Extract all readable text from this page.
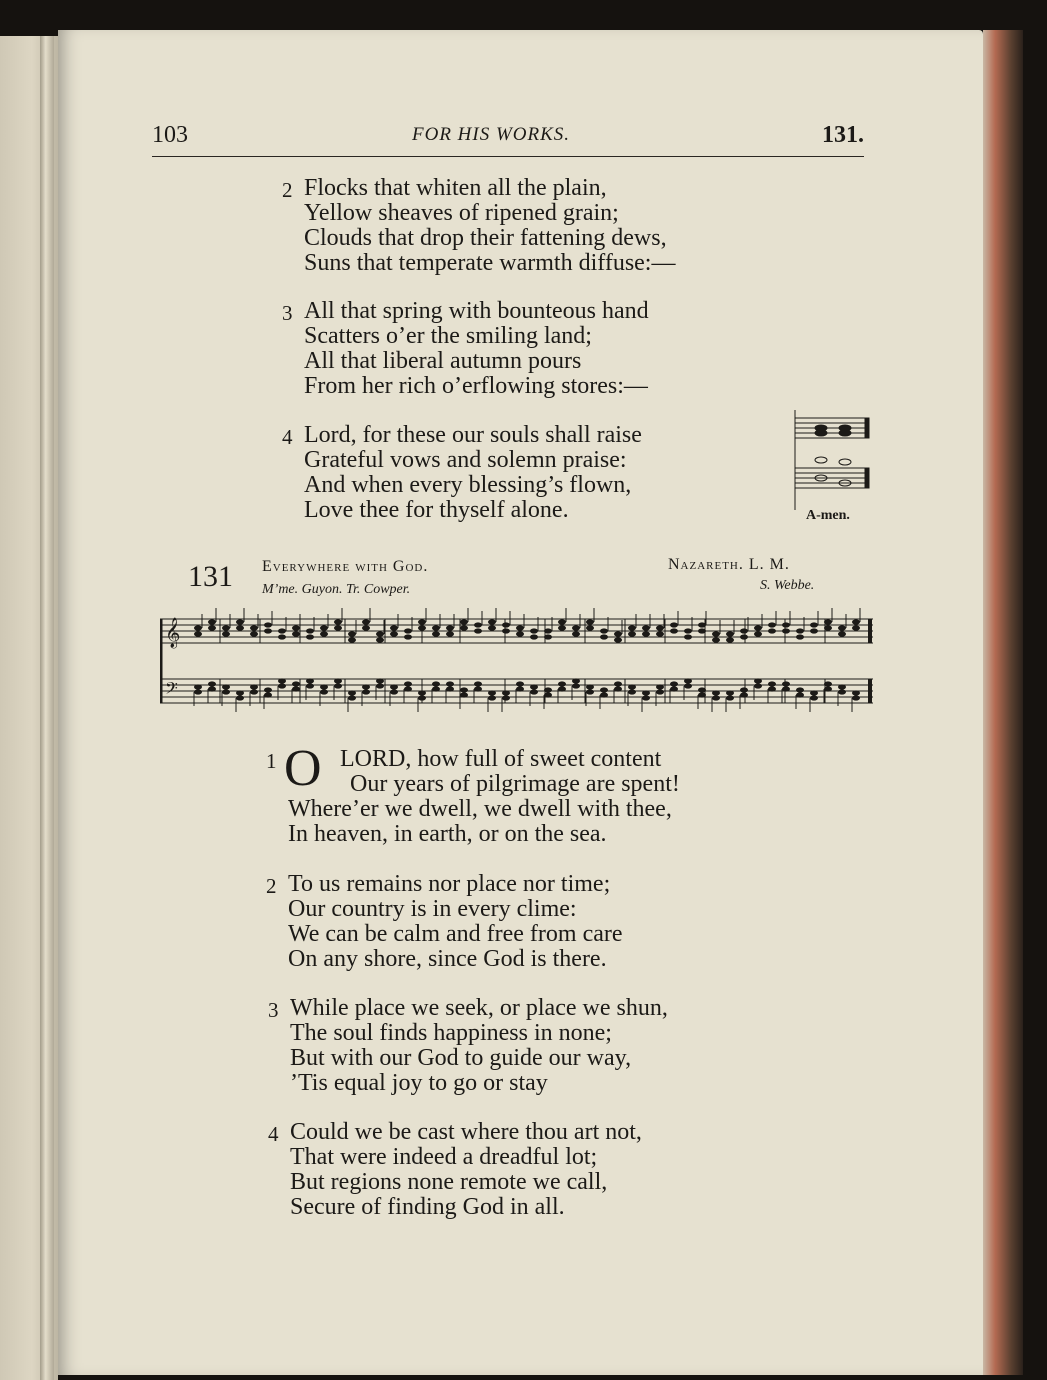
103	FOR HIS WORKS.	131.
2 Flocks that whiten all the plain,
Yellow sheaves of ripened grain;
Clouds that drop their fattening dews,
Suns that temperate warmth diffuse:—
3 All that spring with bounteous hand
Scatters o’er the smiling land;
All that liberal autumn pours
From her rich o’erflowing stores:—
4 Lord, for these our souls shall raise
Grateful vows and solemn praise:
And when every blessing’s flown,
Love thee for thyself alone.	A-men.
131 Everywhere with God.
M’me. Guyon. Tr. Cowper.
Nazareth. L. M.
S. Webbe.
𝄞
𝄢
1 O LORD, how full of sweet content
Our years of pilgrimage are spent!
Where’er we dwell, we dwell with thee,
In heaven, in earth, or on the sea.
2 To us remains nor place nor time;
Our country is in every clime:
We can be calm and free from care
On any shore, since God is there.
3 While place we seek, or place we shun,
The soul finds happiness in none;
But with our God to guide our way,
’Tis equal joy to go or stay
4 Could we be cast where thou art not,
That were indeed a dreadful lot;
But regions none remote we call,
Secure of finding God in all.
